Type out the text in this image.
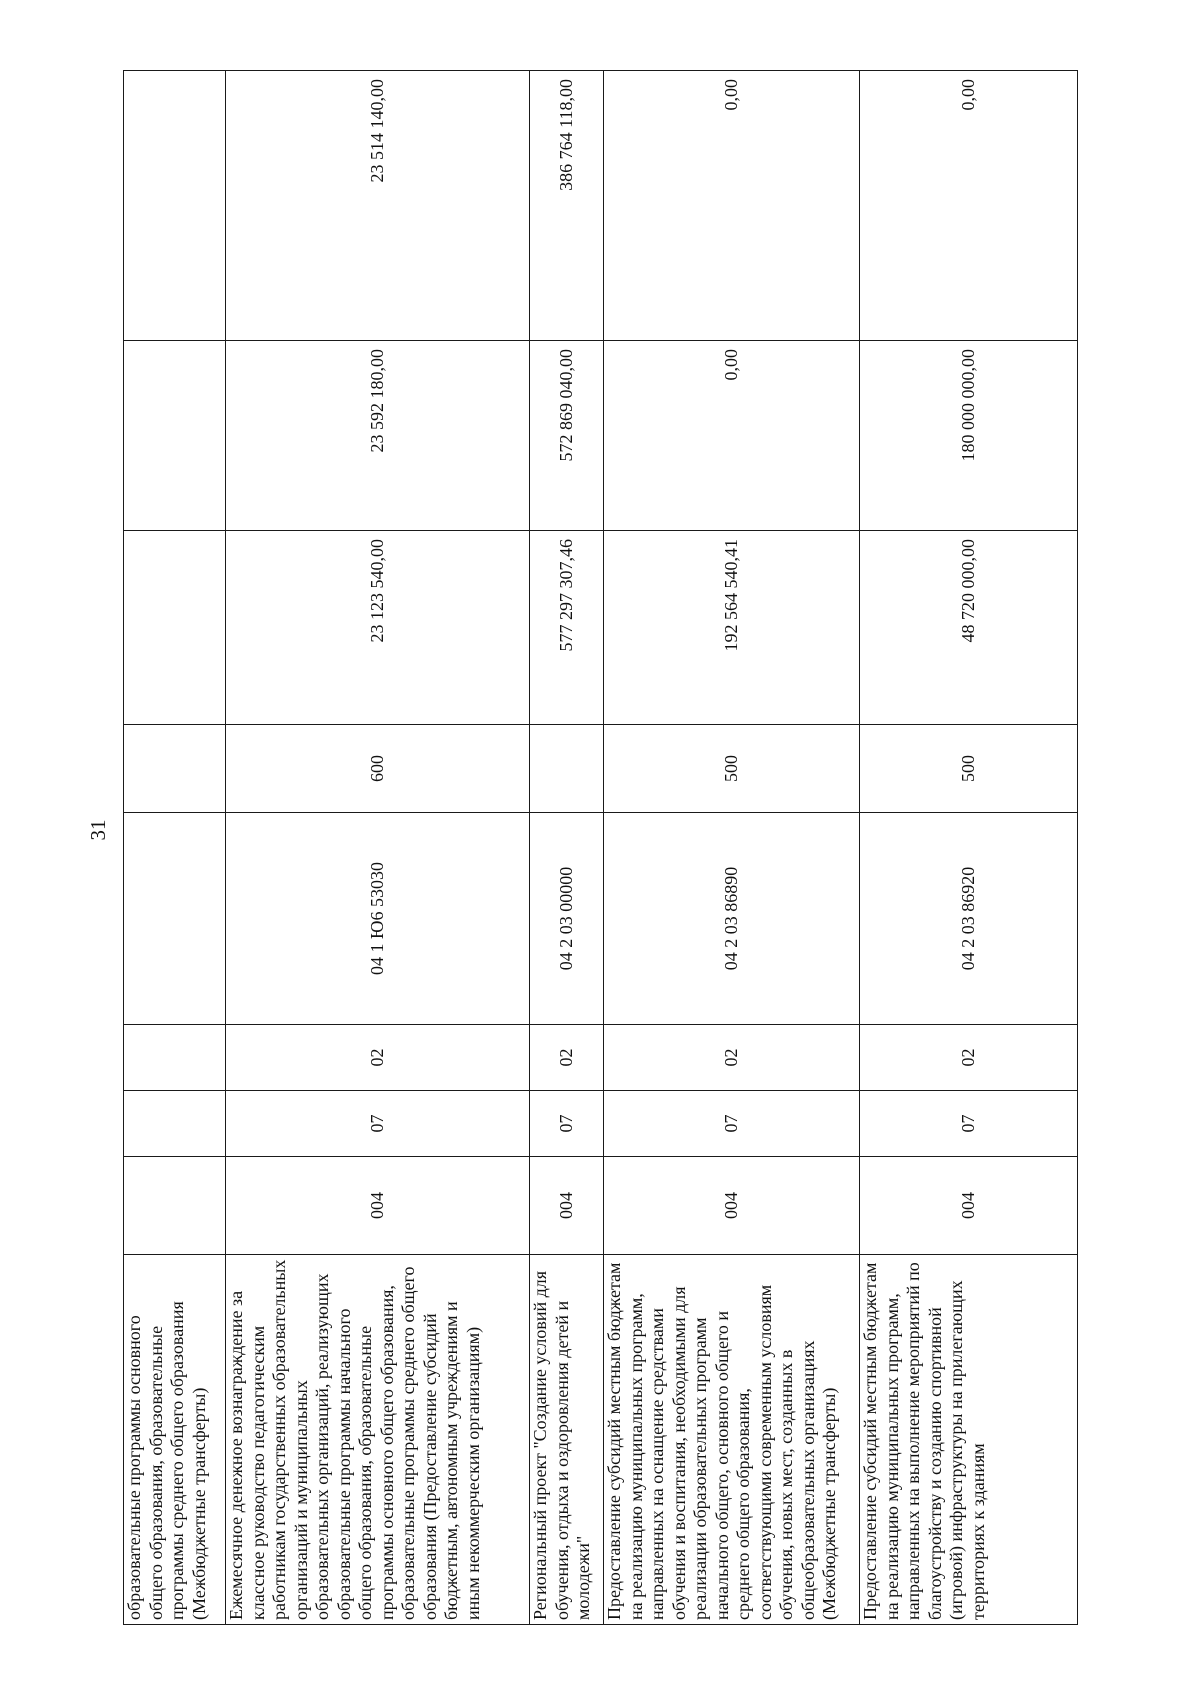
31
образовательные программы основного общего образования, образовательные программы среднего общего образования (Межбюджетные трансферты)								
Ежемесячное денежное вознаграждение за классное руководство педагогическим работникам государственных образовательных организаций и муниципальных образовательных организаций, реализующих образовательные программы начального общего образования, образовательные программы основного общего образования, образовательные программы среднего общего образования (Предоставление субсидий бюджетным, автономным учреждениям и иным некоммерческим организациям)	004	07	02	04 1 Ю6 53030	600	23 123 540,00	23 592 180,00	23 514 140,00
Региональный проект "Создание условий для обучения, отдыха и оздоровления детей и молодежи"	004	07	02	04 2 03 00000		577 297 307,46	572 869 040,00	386 764 118,00
Предоставление субсидий местным бюджетам на реализацию муниципальных программ, направленных на оснащение средствами обучения и воспитания, необходимыми для реализации образовательных программ начального общего, основного общего и среднего общего образования, соответствующими современным условиям обучения, новых мест, созданных в общеобразовательных организациях (Межбюджетные трансферты)	004	07	02	04 2 03 86890	500	192 564 540,41	0,00	0,00
Предоставление субсидий местным бюджетам на реализацию муниципальных программ, направленных на выполнение мероприятий по благоустройству и созданию спортивной (игровой) инфраструктуры на прилегающих территориях к зданиям	004	07	02	04 2 03 86920	500	48 720 000,00	180 000 000,00	0,00
